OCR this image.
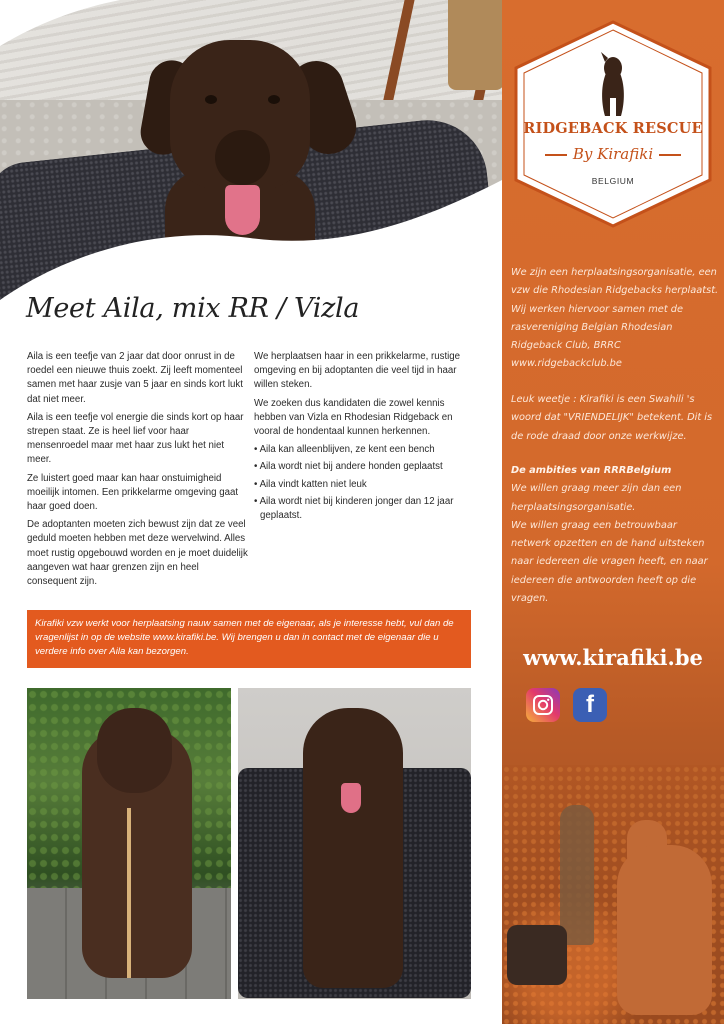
Meet Aila, mix RR / Vizla

Aila is een teefje van 2 jaar dat door onrust in de roedel een nieuwe thuis zoekt. Zij leeft momenteel samen met haar zusje van 5 jaar en sinds kort lukt dat niet meer.

Aila is een teefje vol energie die sinds kort op haar strepen staat. Ze is heel lief voor haar mensenroedel maar met haar zus lukt het niet meer.

Ze luistert goed maar kan haar onstuimigheid moeilijk intomen. Een prikkelarme omgeving gaat haar goed doen.

De adoptanten moeten zich bewust zijn dat ze veel geduld moeten hebben met deze wervelwind. Alles moet rustig opgebouwd worden en je moet duidelijk aangeven wat haar grenzen zijn en heel consequent zijn.

We herplaatsen haar in een prikkelarme, rustige omgeving en bij adoptanten die veel tijd in haar willen steken.

We zoeken dus kandidaten die zowel kennis hebben van Vizla en Rhodesian Ridgeback en vooral de hondentaal kunnen herkennen.

• Aila kan alleenblijven, ze kent een bench
• Aila wordt niet bij andere honden geplaatst
• Aila vindt katten niet leuk
• Aila wordt niet bij kinderen jonger dan 12 jaar geplaatst.
Kirafiki vzw werkt voor herplaatsing nauw samen met de eigenaar, als je interesse hebt, vul dan de vragenlijst in op de website www.kirafiki.be. Wij brengen u dan in contact met de eigenaar die u verdere info over Aila kan bezorgen.
RIDGEBACK RESCUE
By Kirafiki
BELGIUM

We zijn een herplaatsingsorganisatie, een vzw die Rhodesian Ridgebacks herplaatst. Wij werken hiervoor samen met de rasvereniging Belgian Rhodesian Ridgeback Club, BRRC www.ridgebackclub.be

Leuk weetje : Kirafiki is een Swahili 's woord dat "VRIENDELIJK" betekent. Dit is de rode draad door onze werkwijze.

De ambities van RRRBelgium

We willen graag meer zijn dan een herplaatsingsorganisatie.

We willen graag een betrouwbaar netwerk opzetten en de hand uitsteken naar iedereen die vragen heeft, en naar iedereen die antwoorden heeft op die vragen.

www.kirafiki.be
f
